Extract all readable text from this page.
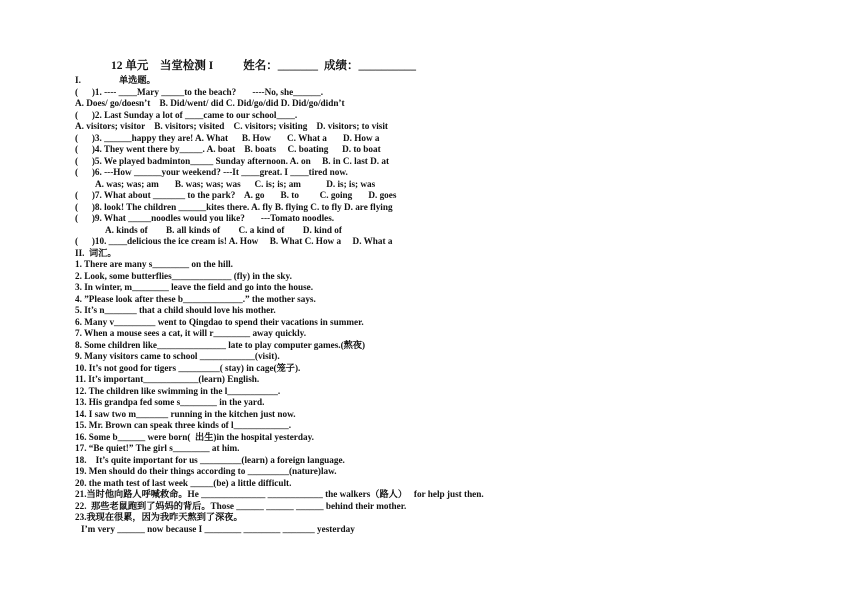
12 单元    当堂检测 I	姓名：_______ 成绩：__________
I.	单选题。
(      )1. ---- ____Mary _____to the beach?       ----No, she______.
A. Does/ go/doesn’t    B. Did/went/ did C. Did/go/did D. Did/go/didn’t
(      )2. Last Sunday a lot of ____came to our school____.
A. visitors; visitor    B. visitors; visited    C. visitors; visiting    D. visitors; to visit
(      )3. ______happy they are! A. What      B. How       C. What a       D. How a
(      )4. They went there by_____. A. boat    B. boats     C. boating      D. to boat
(      )5. We played badminton_____ Sunday afternoon. A. on     B. in C. last D. at
(      )6. ---How ______your weekend? ---It ____great. I ____tired now.
A. was; was; am       B. was; was; was      C. is; is; am           D. is; is; was
(      )7. What about _______ to the park?    A. go       B. to         C. going       D. goes
(      )8. look! The children ______kites there. A. fly B. flying C. to fly D. are flying
(      )9. What _____noodles would you like?       ---Tomato noodles.
A. kinds of        B. all kinds of        C. a kind of        D. kind of
(      )10. ____delicious the ice cream is! A. How     B. What C. How a     D. What a
II.  词汇。
1. There are many s________ on the hill.
2. Look, some butterflies_____________ (fly) in the sky.
3. In winter, m________ leave the field and go into the house.
4. ”Please look after these b_____________.” the mother says.
5. It’s n_______ that a child should love his mother.
6. Many v_________ went to Qingdao to spend their vacations in summer.
7. When a mouse sees a cat, it will r________ away quickly.
8. Some children like_______________ late to play computer games.(熬夜)
9. Many visitors came to school ____________(visit).
10. It’s not good for tigers _________( stay) in cage(笼子).
11. It’s important____________(learn) English.
12. The children like swimming in the l___________.
13. His grandpa fed some s________ in the yard.
14. I saw two m_______ running in the kitchen just now.
15. Mr. Brown can speak three kinds of l____________.
16. Some b______ were born(  出生)in the hospital yesterday.
17. “Be quiet!” The girl s________ at him.
18.    It’s quite important for us _________(learn) a foreign language.
19. Men should do their things according to _________(nature)law.
20. the math test of last week _____(be) a little difficult.
21.当时他向路人呼喊救命。He ______________ ____________ the walkers（路人）   for help just then.
22.  那些老鼠跑到了妈妈的背后。Those ______ ______ ______ behind their mother.
23.我现在很累，因为我昨天熬到了深夜。
I’m very ______ now because I ________ ________ _______ yesterday
